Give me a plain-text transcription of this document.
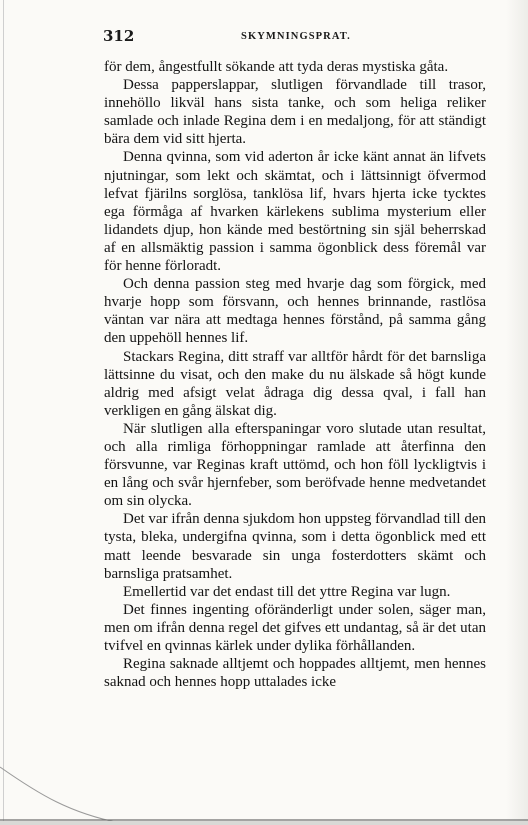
312	SKYMNINGSPRAT.

för dem, ångestfullt sökande att tyda deras mystiska gåta.

Dessa papperslappar, slutligen förvandlade till trasor, innehöllo likväl hans sista tanke, och som heliga reliker samlade och inlade Regina dem i en medaljong, för att ständigt bära dem vid sitt hjerta.

Denna qvinna, som vid aderton år icke känt annat än lifvets njutningar, som lekt och skämtat, och i lättsinnigt öfvermod lefvat fjärilns sorglösa, tanklösa lif, hvars hjerta icke tycktes ega förmåga af hvarken kärlekens sublima mysterium eller lidandets djup, hon kände med bestörtning sin själ beherrskad af en allsmäktig passion i samma ögonblick dess föremål var för henne förloradt.

Och denna passion steg med hvarje dag som förgick, med hvarje hopp som försvann, och hennes brinnande, rastlösa väntan var nära att medtaga hennes förstånd, på samma gång den uppehöll hennes lif.

Stackars Regina, ditt straff var alltför hårdt för det barnsliga lättsinne du visat, och den make du nu älskade så högt kunde aldrig med afsigt velat ådraga dig dessa qval, i fall han verkligen en gång älskat dig.

När slutligen alla efterspaningar voro slutade utan resultat, och alla rimliga förhoppningar ramlade att återfinna den försvunne, var Reginas kraft uttömd, och hon föll lyckligtvis i en lång och svår hjernfeber, som beröfvade henne medvetandet om sin olycka.

Det var ifrån denna sjukdom hon uppsteg förvandlad till den tysta, bleka, undergifna qvinna, som i detta ögonblick med ett matt leende besvarade sin unga fosterdotters skämt och barnsliga pratsamhet.

Emellertid var det endast till det yttre Regina var lugn.

Det finnes ingenting oföränderligt under solen, säger man, men om ifrån denna regel det gifves ett undantag, så är det utan tvifvel en qvinnas kärlek under dylika förhållanden.

Regina saknade alltjemt och hoppades alltjemt, men hennes saknad och hennes hopp uttalades icke
